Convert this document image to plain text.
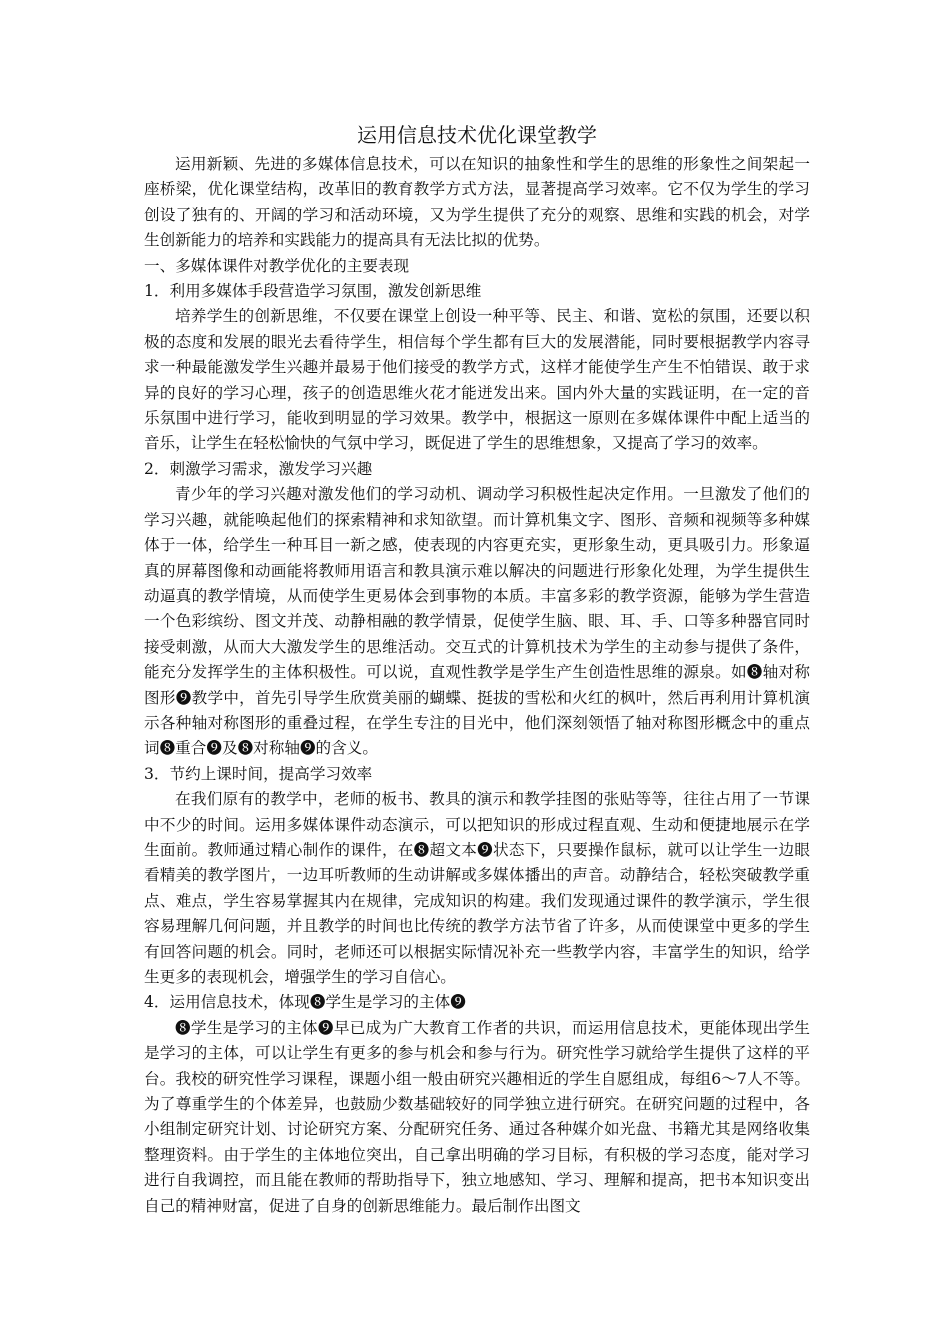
运用信息技术优化课堂教学

运用新颖、先进的多媒体信息技术，可以在知识的抽象性和学生的思维的形象性之间架起一座桥梁，优化课堂结构，改革旧的教育教学方式方法，显著提高学习效率。它不仅为学生的学习创设了独有的、开阔的学习和活动环境，又为学生提供了充分的观察、思维和实践的机会，对学生创新能力的培养和实践能力的提高具有无法比拟的优势。

一、多媒体课件对教学优化的主要表现

1．利用多媒体手段营造学习氛围，激发创新思维

培养学生的创新思维，不仅要在课堂上创设一种平等、民主、和谐、宽松的氛围，还要以积极的态度和发展的眼光去看待学生，相信每个学生都有巨大的发展潜能，同时要根据教学内容寻求一种最能激发学生兴趣并最易于他们接受的教学方式，这样才能使学生产生不怕错误、敢于求异的良好的学习心理，孩子的创造思维火花才能迸发出来。国内外大量的实践证明，在一定的音乐氛围中进行学习，能收到明显的学习效果。教学中，根据这一原则在多媒体课件中配上适当的音乐，让学生在轻松愉快的气氛中学习，既促进了学生的思维想象，又提高了学习的效率。

2．刺激学习需求，激发学习兴趣

青少年的学习兴趣对激发他们的学习动机、调动学习积极性起决定作用。一旦激发了他们的学习兴趣，就能唤起他们的探索精神和求知欲望。而计算机集文字、图形、音频和视频等多种媒体于一体，给学生一种耳目一新之感，使表现的内容更充实，更形象生动，更具吸引力。形象逼真的屏幕图像和动画能将教师用语言和教具演示难以解决的问题进行形象化处理，为学生提供生动逼真的教学情境，从而使学生更易体会到事物的本质。丰富多彩的教学资源，能够为学生营造一个色彩缤纷、图文并茂、动静相融的教学情景，促使学生脑、眼、耳、手、口等多种器官同时接受刺激，从而大大激发学生的思维活动。交互式的计算机技术为学生的主动参与提供了条件，能充分发挥学生的主体积极性。可以说，直观性教学是学生产生创造性思维的源泉。如❽轴对称图形❾教学中，首先引导学生欣赏美丽的蝴蝶、挺拔的雪松和火红的枫叶，然后再利用计算机演示各种轴对称图形的重叠过程，在学生专注的目光中，他们深刻领悟了轴对称图形概念中的重点词❽重合❾及❽对称轴❾的含义。

3．节约上课时间，提高学习效率

在我们原有的教学中，老师的板书、教具的演示和教学挂图的张贴等等，往往占用了一节课中不少的时间。运用多媒体课件动态演示，可以把知识的形成过程直观、生动和便捷地展示在学生面前。教师通过精心制作的课件，在❽超文本❾状态下，只要操作鼠标，就可以让学生一边眼看精美的教学图片，一边耳听教师的生动讲解或多媒体播出的声音。动静结合，轻松突破教学重点、难点，学生容易掌握其内在规律，完成知识的构建。我们发现通过课件的教学演示，学生很容易理解几何问题，并且教学的时间也比传统的教学方法节省了许多，从而使课堂中更多的学生有回答问题的机会。同时，老师还可以根据实际情况补充一些教学内容，丰富学生的知识，给学生更多的表现机会，增强学生的学习自信心。

4．运用信息技术，体现❽学生是学习的主体❾

❽学生是学习的主体❾早已成为广大教育工作者的共识，而运用信息技术，更能体现出学生是学习的主体，可以让学生有更多的参与机会和参与行为。研究性学习就给学生提供了这样的平台。我校的研究性学习课程，课题小组一般由研究兴趣相近的学生自愿组成，每组6～7人不等。为了尊重学生的个体差异，也鼓励少数基础较好的同学独立进行研究。在研究问题的过程中，各小组制定研究计划、讨论研究方案、分配研究任务、通过各种媒介如光盘、书籍尤其是网络收集整理资料。由于学生的主体地位突出，自己拿出明确的学习目标，有积极的学习态度，能对学习进行自我调控，而且能在教师的帮助指导下，独立地感知、学习、理解和提高，把书本知识变出自己的精神财富，促进了自身的创新思维能力。最后制作出图文
